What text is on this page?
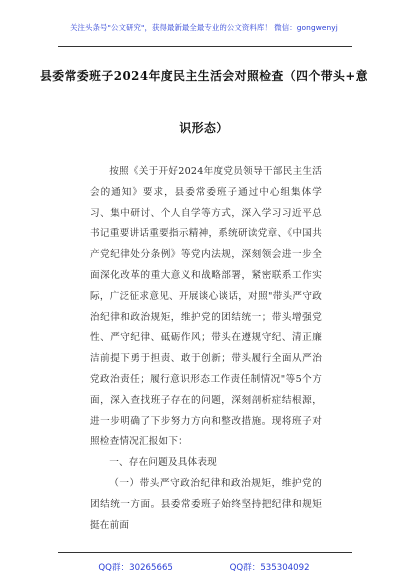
关注头条号"公文研究"，获得最新最全最专业的公文资料库！ 微信：gongwenyj
县委常委班子2024年度民主生活会对照检查（四个带头+意
识形态）

按照《关于开好2024年度党员领导干部民主生活会的通知》要求，县委常委班子通过中心组集体学习、集中研讨、个人自学等方式，深入学习习近平总书记重要讲话重要指示精神，系统研读党章、《中国共产党纪律处分条例》等党内法规，深刻领会进一步全面深化改革的重大意义和战略部署，紧密联系工作实际，广泛征求意见、开展谈心谈话，对照"带头严守政治纪律和政治规矩，维护党的团结统一；带头增强党性、严守纪律、砥砺作风；带头在遵规守纪、清正廉洁前提下勇于担责、敢于创新；带头履行全面从严治党政治责任；履行意识形态工作责任制情况"等5个方面，深入查找班子存在的问题，深刻剖析症结根源，进一步明确了下步努力方向和整改措施。现将班子对照检查情况汇报如下：

一、存在问题及具体表现

（一）带头严守政治纪律和政治规矩，维护党的团结统一方面。县委常委班子始终坚持把纪律和规矩挺在前面

QQ群：30265665	QQ群：535304092
